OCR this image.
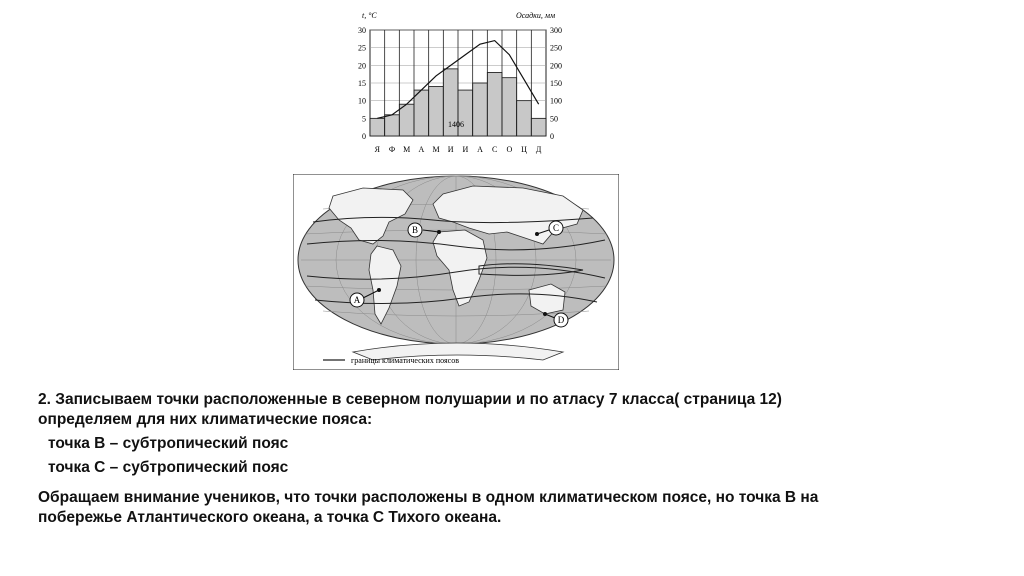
t, °C	Осадки, мм
0
5
10
15
20
25
30
0
50
100
150
200
250
300
Я Ф М А М И И А С О Ц Д
1406
B	C
A
D
границы климатических поясов

2. Записываем точки расположенные в северном полушарии и по атласу 7 класса( страница 12)

определяем для них климатические пояса:

точка В – субтропический пояс

точка С – субтропический пояс

Обращаем внимание учеников, что точки расположены в одном климатическом поясе, но точка В на

побережье Атлантического океана, а точка С Тихого океана.
